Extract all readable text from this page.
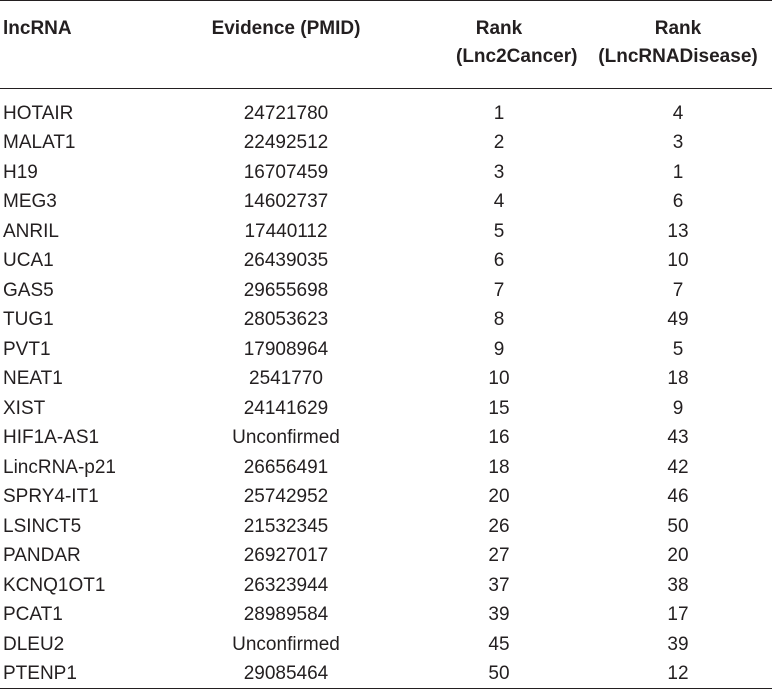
lncRNA	Evidence (PMID)	Rank (Lnc2Cancer)	Rank (LncRNADisease)
HOTAIR	24721780	1	4
MALAT1	22492512	2	3
H19	16707459	3	1
MEG3	14602737	4	6
ANRIL	17440112	5	13
UCA1	26439035	6	10
GAS5	29655698	7	7
TUG1	28053623	8	49
PVT1	17908964	9	5
NEAT1	2541770	10	18
XIST	24141629	15	9
HIF1A-AS1	Unconfirmed	16	43
LincRNA-p21	26656491	18	42
SPRY4-IT1	25742952	20	46
LSINCT5	21532345	26	50
PANDAR	26927017	27	20
KCNQ1OT1	26323944	37	38
PCAT1	28989584	39	17
DLEU2	Unconfirmed	45	39
PTENP1	29085464	50	12
